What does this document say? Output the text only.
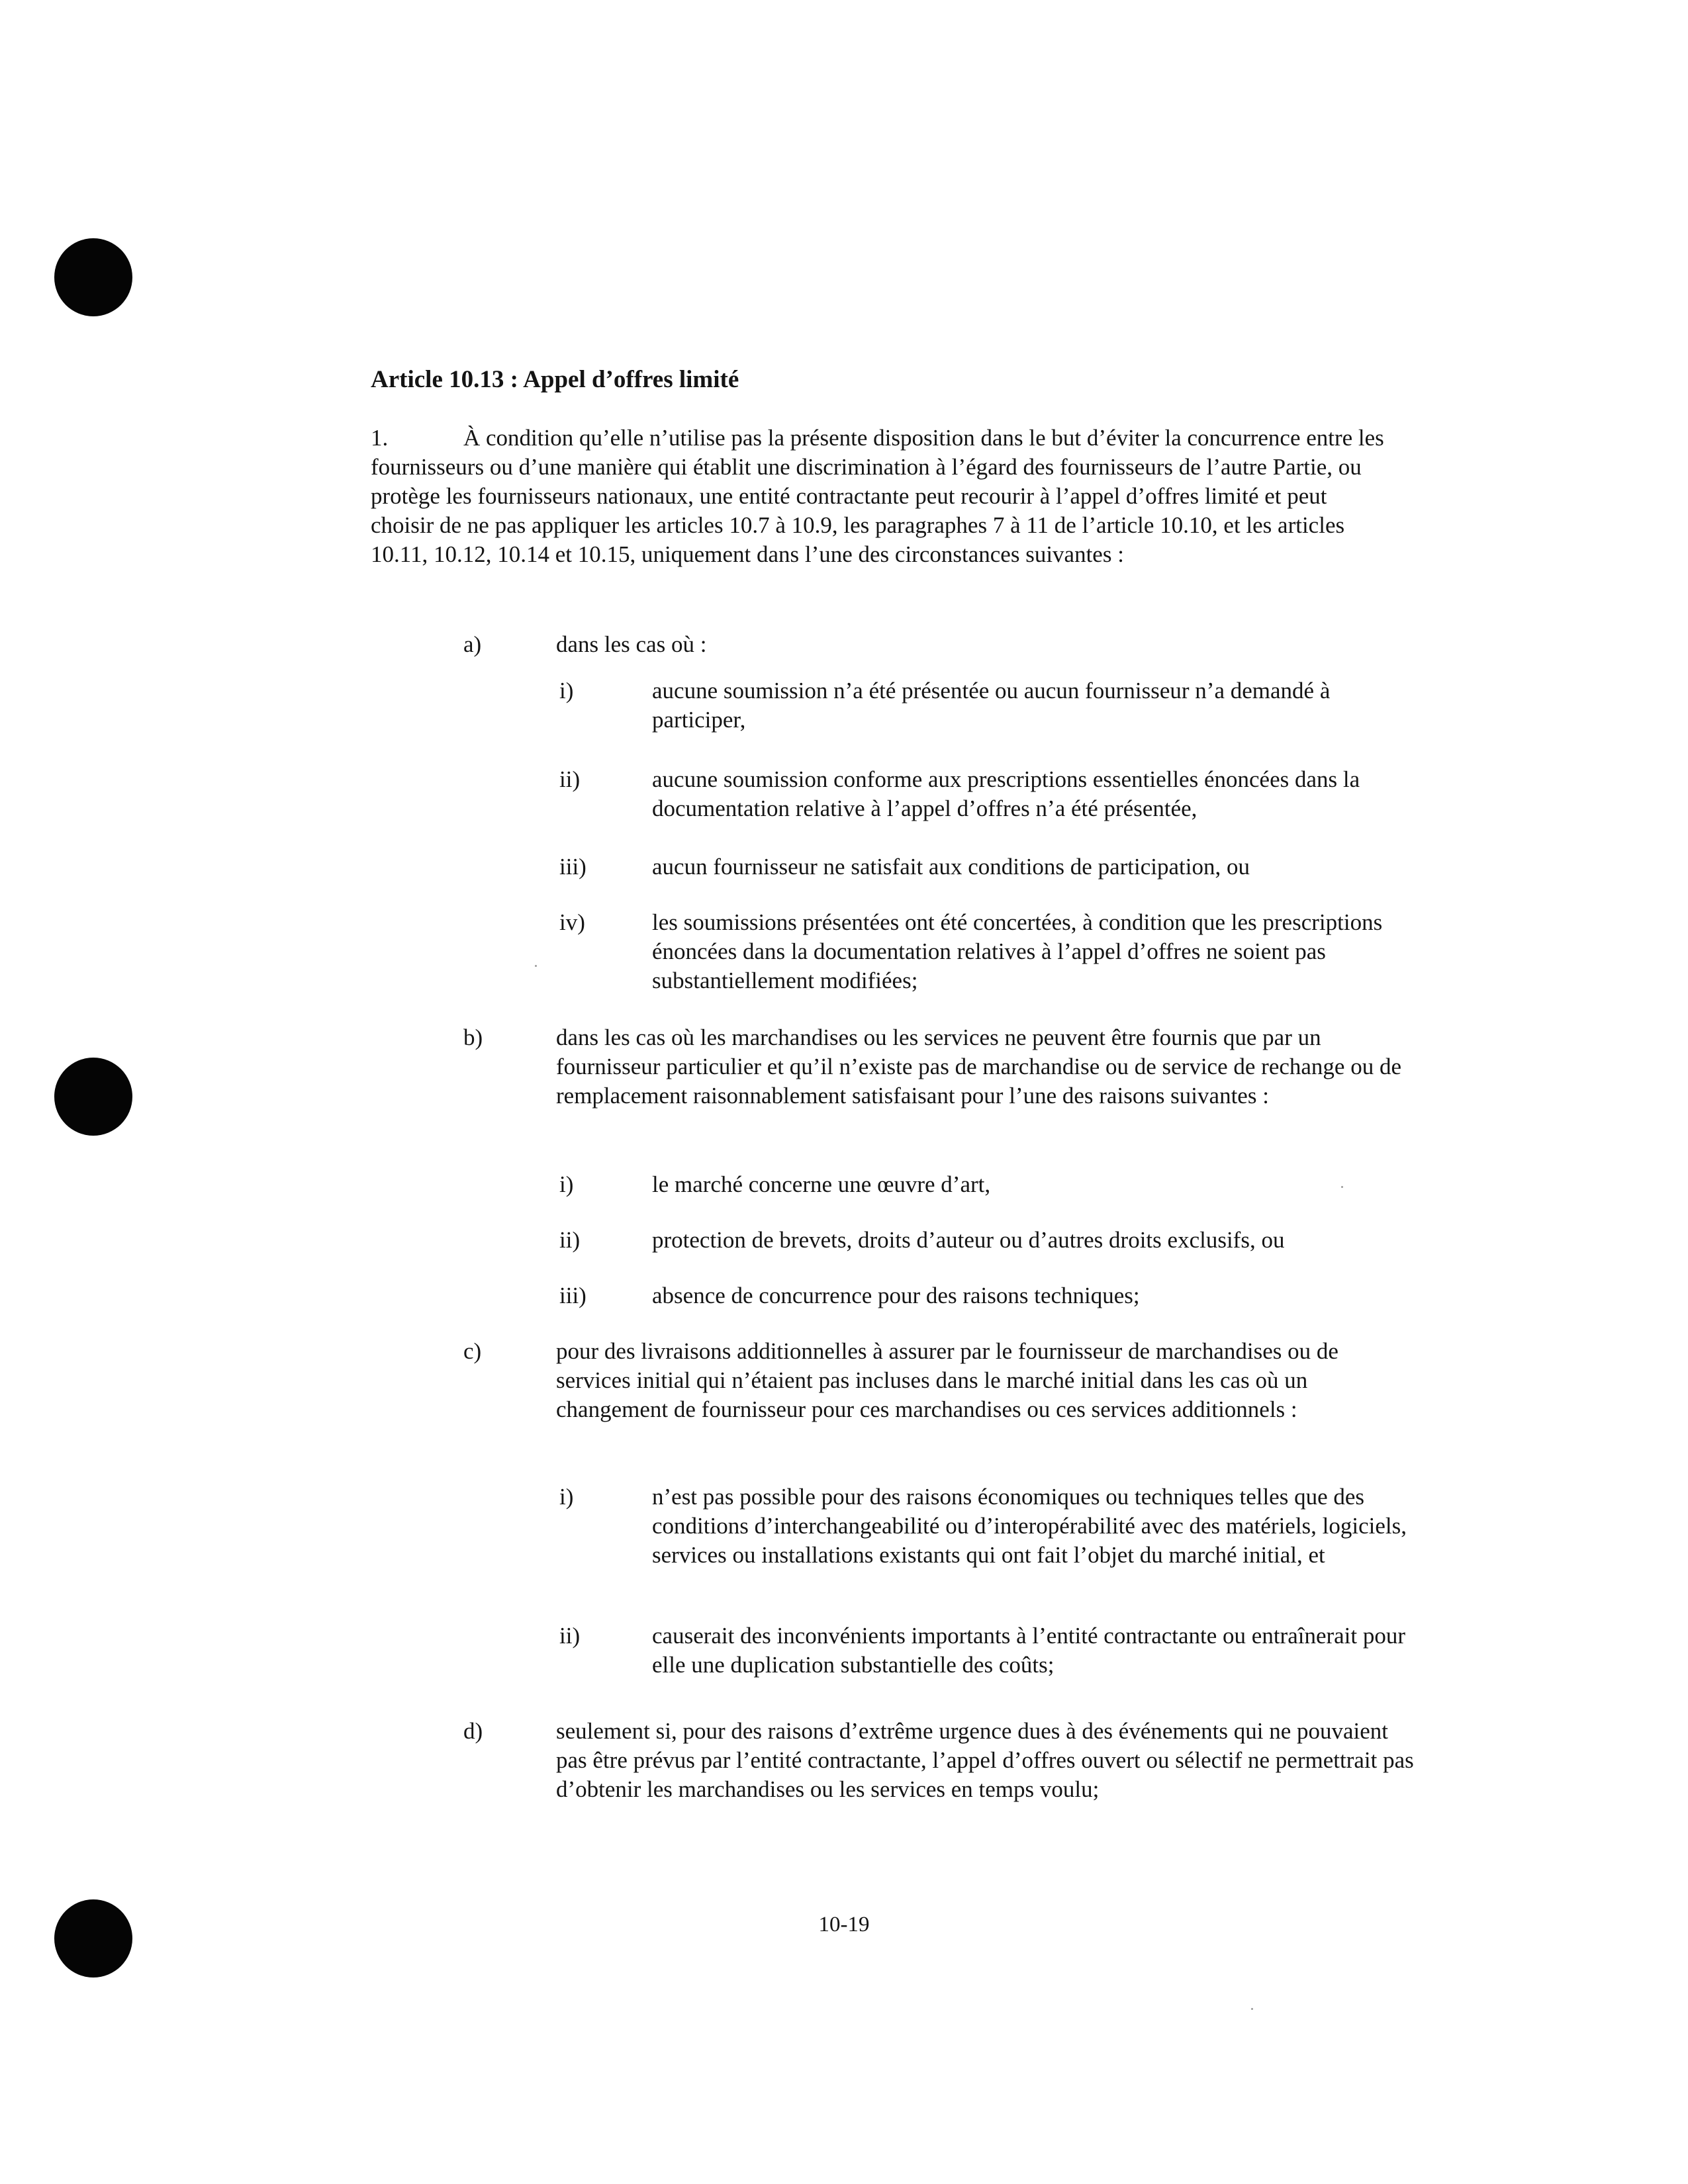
Article 10.13 : Appel d’offres limité
1.	À condition qu’elle n’utilise pas la présente disposition dans le but d’éviter la concurrence entre les fournisseurs ou d’une manière qui établit une discrimination à l’égard des fournisseurs de l’autre Partie, ou protège les fournisseurs nationaux, une entité contractante peut recourir à l’appel d’offres limité et peut choisir de ne pas appliquer les articles 10.7 à 10.9, les paragraphes 7 à 11 de l’article 10.10, et les articles 10.11, 10.12, 10.14 et 10.15, uniquement dans l’une des circonstances suivantes :
a)	dans les cas où :
i)	aucune soumission n’a été présentée ou aucun fournisseur n’a demandé à participer,
ii)	aucune soumission conforme aux prescriptions essentielles énoncées dans la documentation relative à l’appel d’offres n’a été présentée,
iii)	aucun fournisseur ne satisfait aux conditions de participation, ou
iv)	les soumissions présentées ont été concertées, à condition que les prescriptions énoncées dans la documentation relatives à l’appel d’offres ne soient pas substantiellement modifiées;
b)	dans les cas où les marchandises ou les services ne peuvent être fournis que par un fournisseur particulier et qu’il n’existe pas de marchandise ou de service de rechange ou de remplacement raisonnablement satisfaisant pour l’une des raisons suivantes :
i)	le marché concerne une œuvre d’art,
ii)	protection de brevets, droits d’auteur ou d’autres droits exclusifs, ou
iii)	absence de concurrence pour des raisons techniques;
c)	pour des livraisons additionnelles à assurer par le fournisseur de marchandises ou de services initial qui n’étaient pas incluses dans le marché initial dans les cas où un changement de fournisseur pour ces marchandises ou ces services additionnels :
i)	n’est pas possible pour des raisons économiques ou techniques telles que des conditions d’interchangeabilité ou d’interopérabilité avec des matériels, logiciels, services ou installations existants qui ont fait l’objet du marché initial, et
ii)	causerait des inconvénients importants à l’entité contractante ou entraînerait pour elle une duplication substantielle des coûts;
d)	seulement si, pour des raisons d’extrême urgence dues à des événements qui ne pouvaient pas être prévus par l’entité contractante, l’appel d’offres ouvert ou sélectif ne permettrait pas d’obtenir les marchandises ou les services en temps voulu;
10-19
